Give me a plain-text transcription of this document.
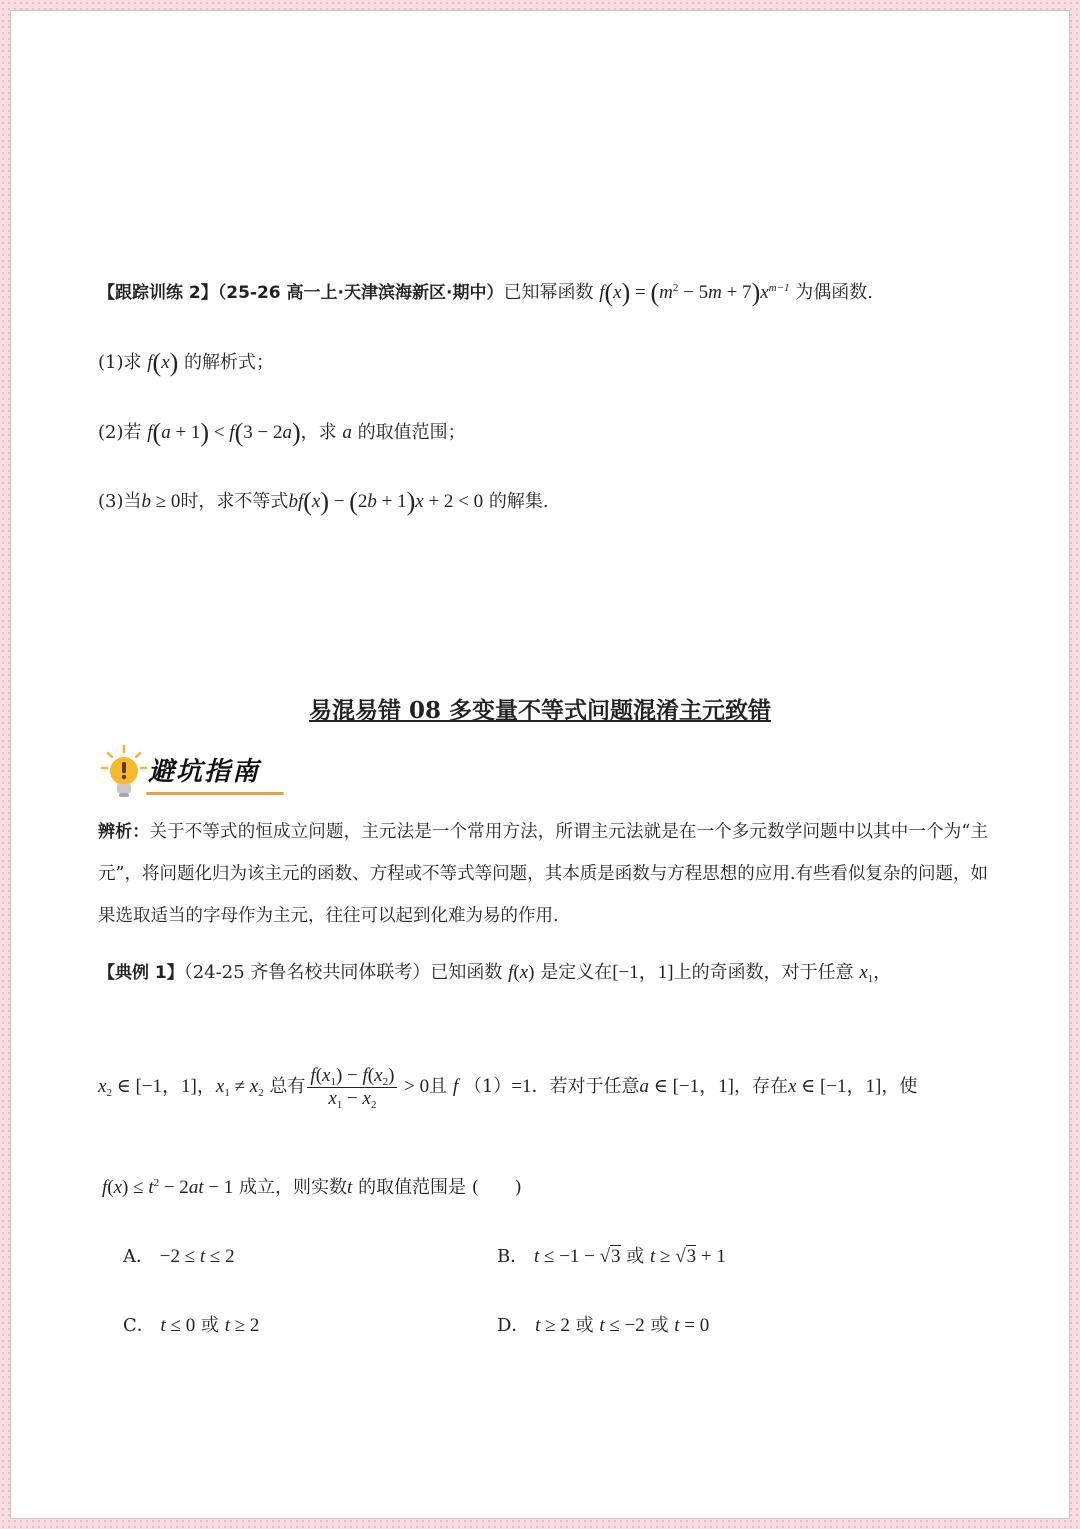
【跟踪训练 2】（25-26 高一上·天津滨海新区·期中）已知幂函数 $f(x) = (m^2 - 5m + 7)x^{m-1}$ 为偶函数.
(1)求 f(x) 的解析式；
(2)若 f(a + 1) < f(3 − 2a)，求 a 的取值范围；
(3)当b ≥ 0时，求不等式bf(x) − (2b + 1)x + 2 < 0 的解集.
易混易错 08 多变量不等式问题混淆主元致错
避坑指南
辨析：关于不等式的恒成立问题，主元法是一个常用方法，所谓主元法就是在一个多元数学问题中以其中一个为“主元”，将问题化归为该主元的函数、方程或不等式等问题，其本质是函数与方程思想的应用.有些看似复杂的问题，如果选取适当的字母作为主元，往往可以起到化难为易的作用.
【典例 1】（24-25 齐鲁名校共同体联考）已知函数 f(x) 是定义在[−1，1]上的奇函数，对于任意 $x_1$，
$x_2$ ∈ [−1，1]，$x_1 \ne x_2$ 总有 $\frac{f(x_1) - f(x_2)}{x_1 - x_2} > 0$且 f （1）=1．若对于任意a ∈ [−1，1]，存在x ∈ [−1，1]，使
$f(x) \le t^2 - 2at - 1$ 成立，则实数t 的取值范围是 (　　)
A． −2 ≤ t ≤ 2	B． t ≤ −1 − √3 或 t ≥ √3 + 1
C． t ≤ 0 或 t ≥ 2	D． t ≥ 2 或 t ≤ −2 或 t = 0
